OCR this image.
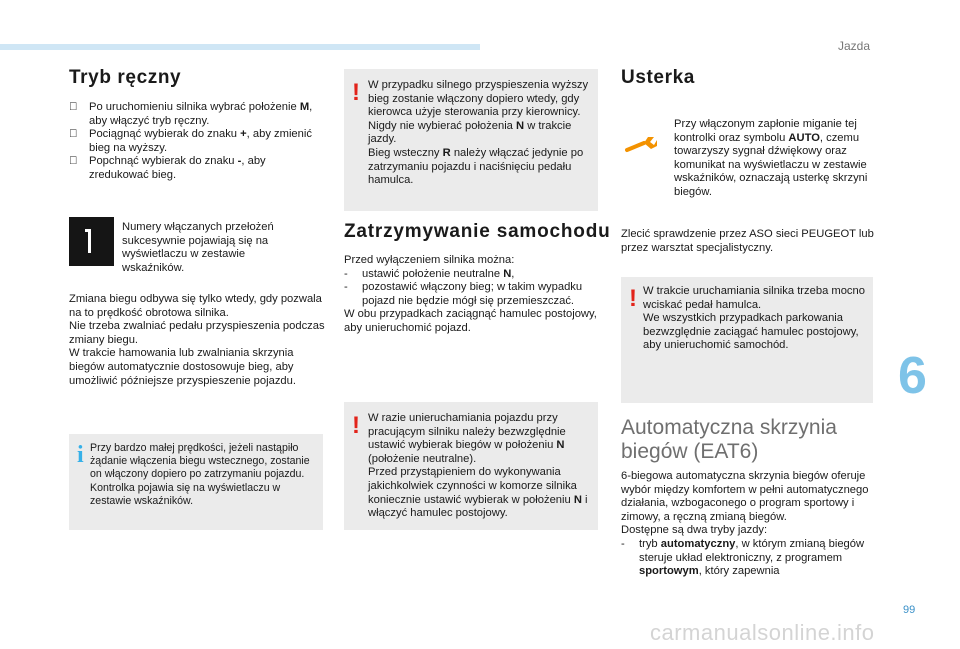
Jazda
Tryb ręczny
Po uruchomieniu silnika wybrać położenie M, aby włączyć tryb ręczny.
Pociągnąć wybierak do znaku +, aby zmienić bieg na wyższy.
Popchnąć wybierak do znaku -, aby zredukować bieg.
Numery włączanych przełożeń sukcesywnie pojawiają się na wyświetlaczu w zestawie wskaźników.
Zmiana biegu odbywa się tylko wtedy, gdy pozwala na to prędkość obrotowa silnika.
Nie trzeba zwalniać pedału przyspieszenia podczas zmiany biegu.
W trakcie hamowania lub zwalniania skrzynia biegów automatycznie dostosowuje bieg, aby umożliwić późniejsze przyspieszenie pojazdu.
i Przy bardzo małej prędkości, jeżeli nastąpiło żądanie włączenia biegu wstecznego, zostanie on włączony dopiero po zatrzymaniu pojazdu. Kontrolka pojawia się na wyświetlaczu w zestawie wskaźników.
! W przypadku silnego przyspieszenia wyższy bieg zostanie włączony dopiero wtedy, gdy kierowca użyje sterowania przy kierownicy.
Nigdy nie wybierać położenia N w trakcie jazdy.
Bieg wsteczny R należy włączać jedynie po zatrzymaniu pojazdu i naciśnięciu pedału hamulca.
Zatrzymywanie samochodu
Przed wyłączeniem silnika można:
- ustawić położenie neutralne N,
- pozostawić włączony bieg; w takim wypadku pojazd nie będzie mógł się przemieszczać.
W obu przypadkach zaciągnąć hamulec postojowy, aby unieruchomić pojazd.
! W razie unieruchamiania pojazdu przy pracującym silniku należy bezwzględnie ustawić wybierak biegów w położeniu N (położenie neutralne).
Przed przystąpieniem do wykonywania jakichkolwiek czynności w komorze silnika koniecznie ustawić wybierak w położeniu N i włączyć hamulec postojowy.
Usterka
Przy włączonym zapłonie miganie tej kontrolki oraz symbolu AUTO, czemu towarzyszy sygnał dźwiękowy oraz komunikat na wyświetlaczu w zestawie wskaźników, oznaczają usterkę skrzyni biegów.
Zlecić sprawdzenie przez ASO sieci PEUGEOT lub przez warsztat specjalistyczny.
! W trakcie uruchamiania silnika trzeba mocno wciskać pedał hamulca.
We wszystkich przypadkach parkowania bezwzględnie zaciągać hamulec postojowy, aby unieruchomić samochód.
Automatyczna skrzynia
biegów (EAT6)
6-biegowa automatyczna skrzynia biegów oferuje wybór między komfortem w pełni automatycznego działania, wzbogaconego o program sportowy i zimowy, a ręczną zmianą biegów.
Dostępne są dwa tryby jazdy:
- tryb automatyczny, w którym zmianą biegów steruje układ elektroniczny, z programem sportowym, który zapewnia
6
99
carmanualsonline.info
